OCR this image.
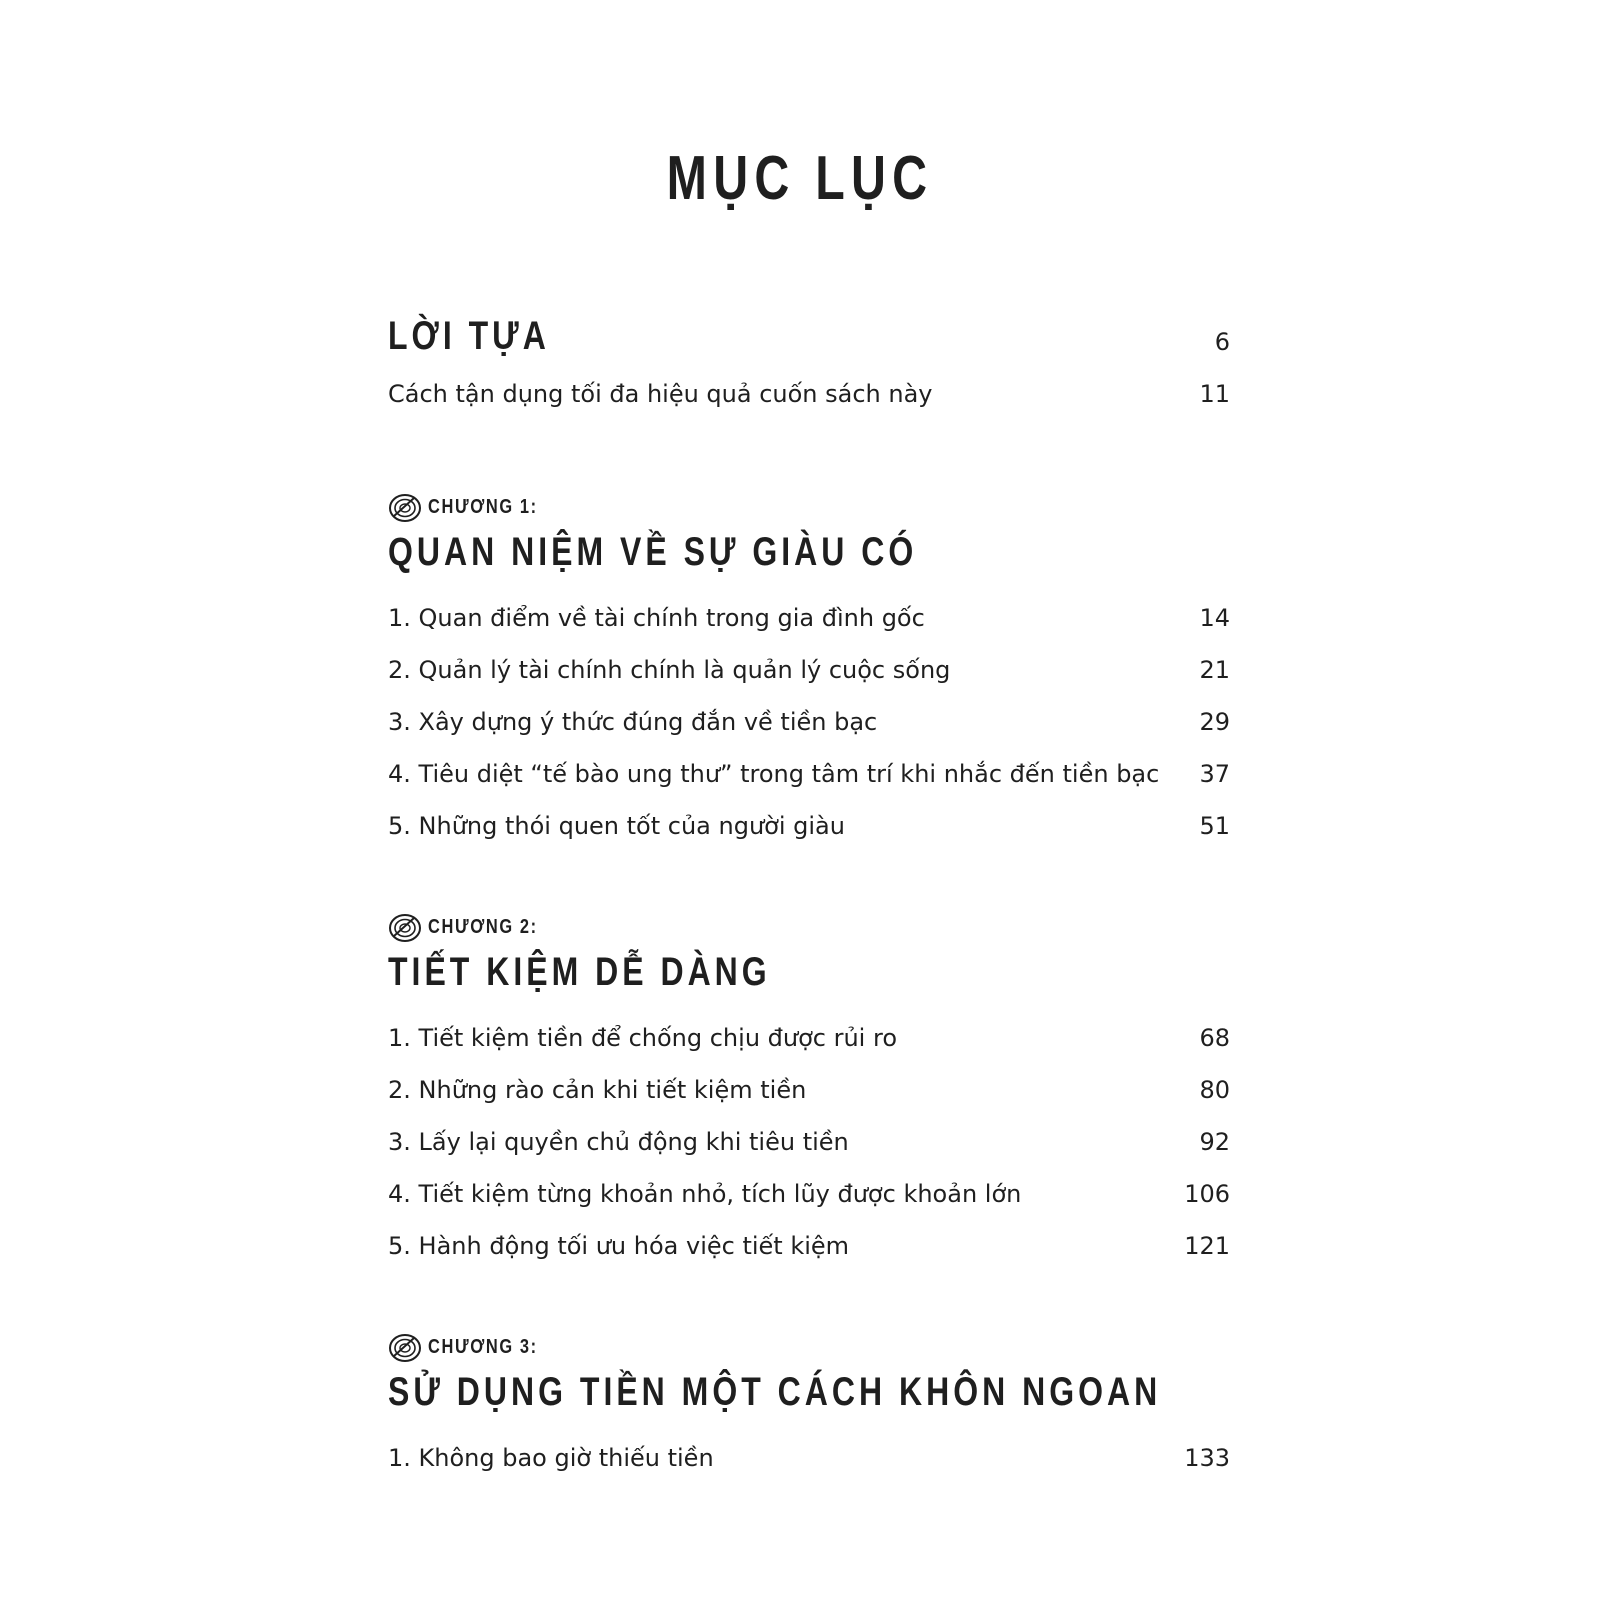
MỤC LỤC
LỜI TỰA	6
Cách tận dụng tối đa hiệu quả cuốn sách này	11
CHƯƠNG 1:
QUAN NIỆM VỀ SỰ GIÀU CÓ
1. Quan điểm về tài chính trong gia đình gốc	14
2. Quản lý tài chính chính là quản lý cuộc sống	21
3. Xây dựng ý thức đúng đắn về tiền bạc	29
4. Tiêu diệt “tế bào ung thư” trong tâm trí khi nhắc đến tiền bạc 37
5. Những thói quen tốt của người giàu	51
CHƯƠNG 2:
TIẾT KIỆM DỄ DÀNG
1. Tiết kiệm tiền để chống chịu được rủi ro	68
2. Những rào cản khi tiết kiệm tiền	80
3. Lấy lại quyền chủ động khi tiêu tiền	92
4. Tiết kiệm từng khoản nhỏ, tích lũy được khoản lớn	106
5. Hành động tối ưu hóa việc tiết kiệm	121
CHƯƠNG 3:
SỬ DỤNG TIỀN MỘT CÁCH KHÔN NGOAN
1. Không bao giờ thiếu tiền	133
